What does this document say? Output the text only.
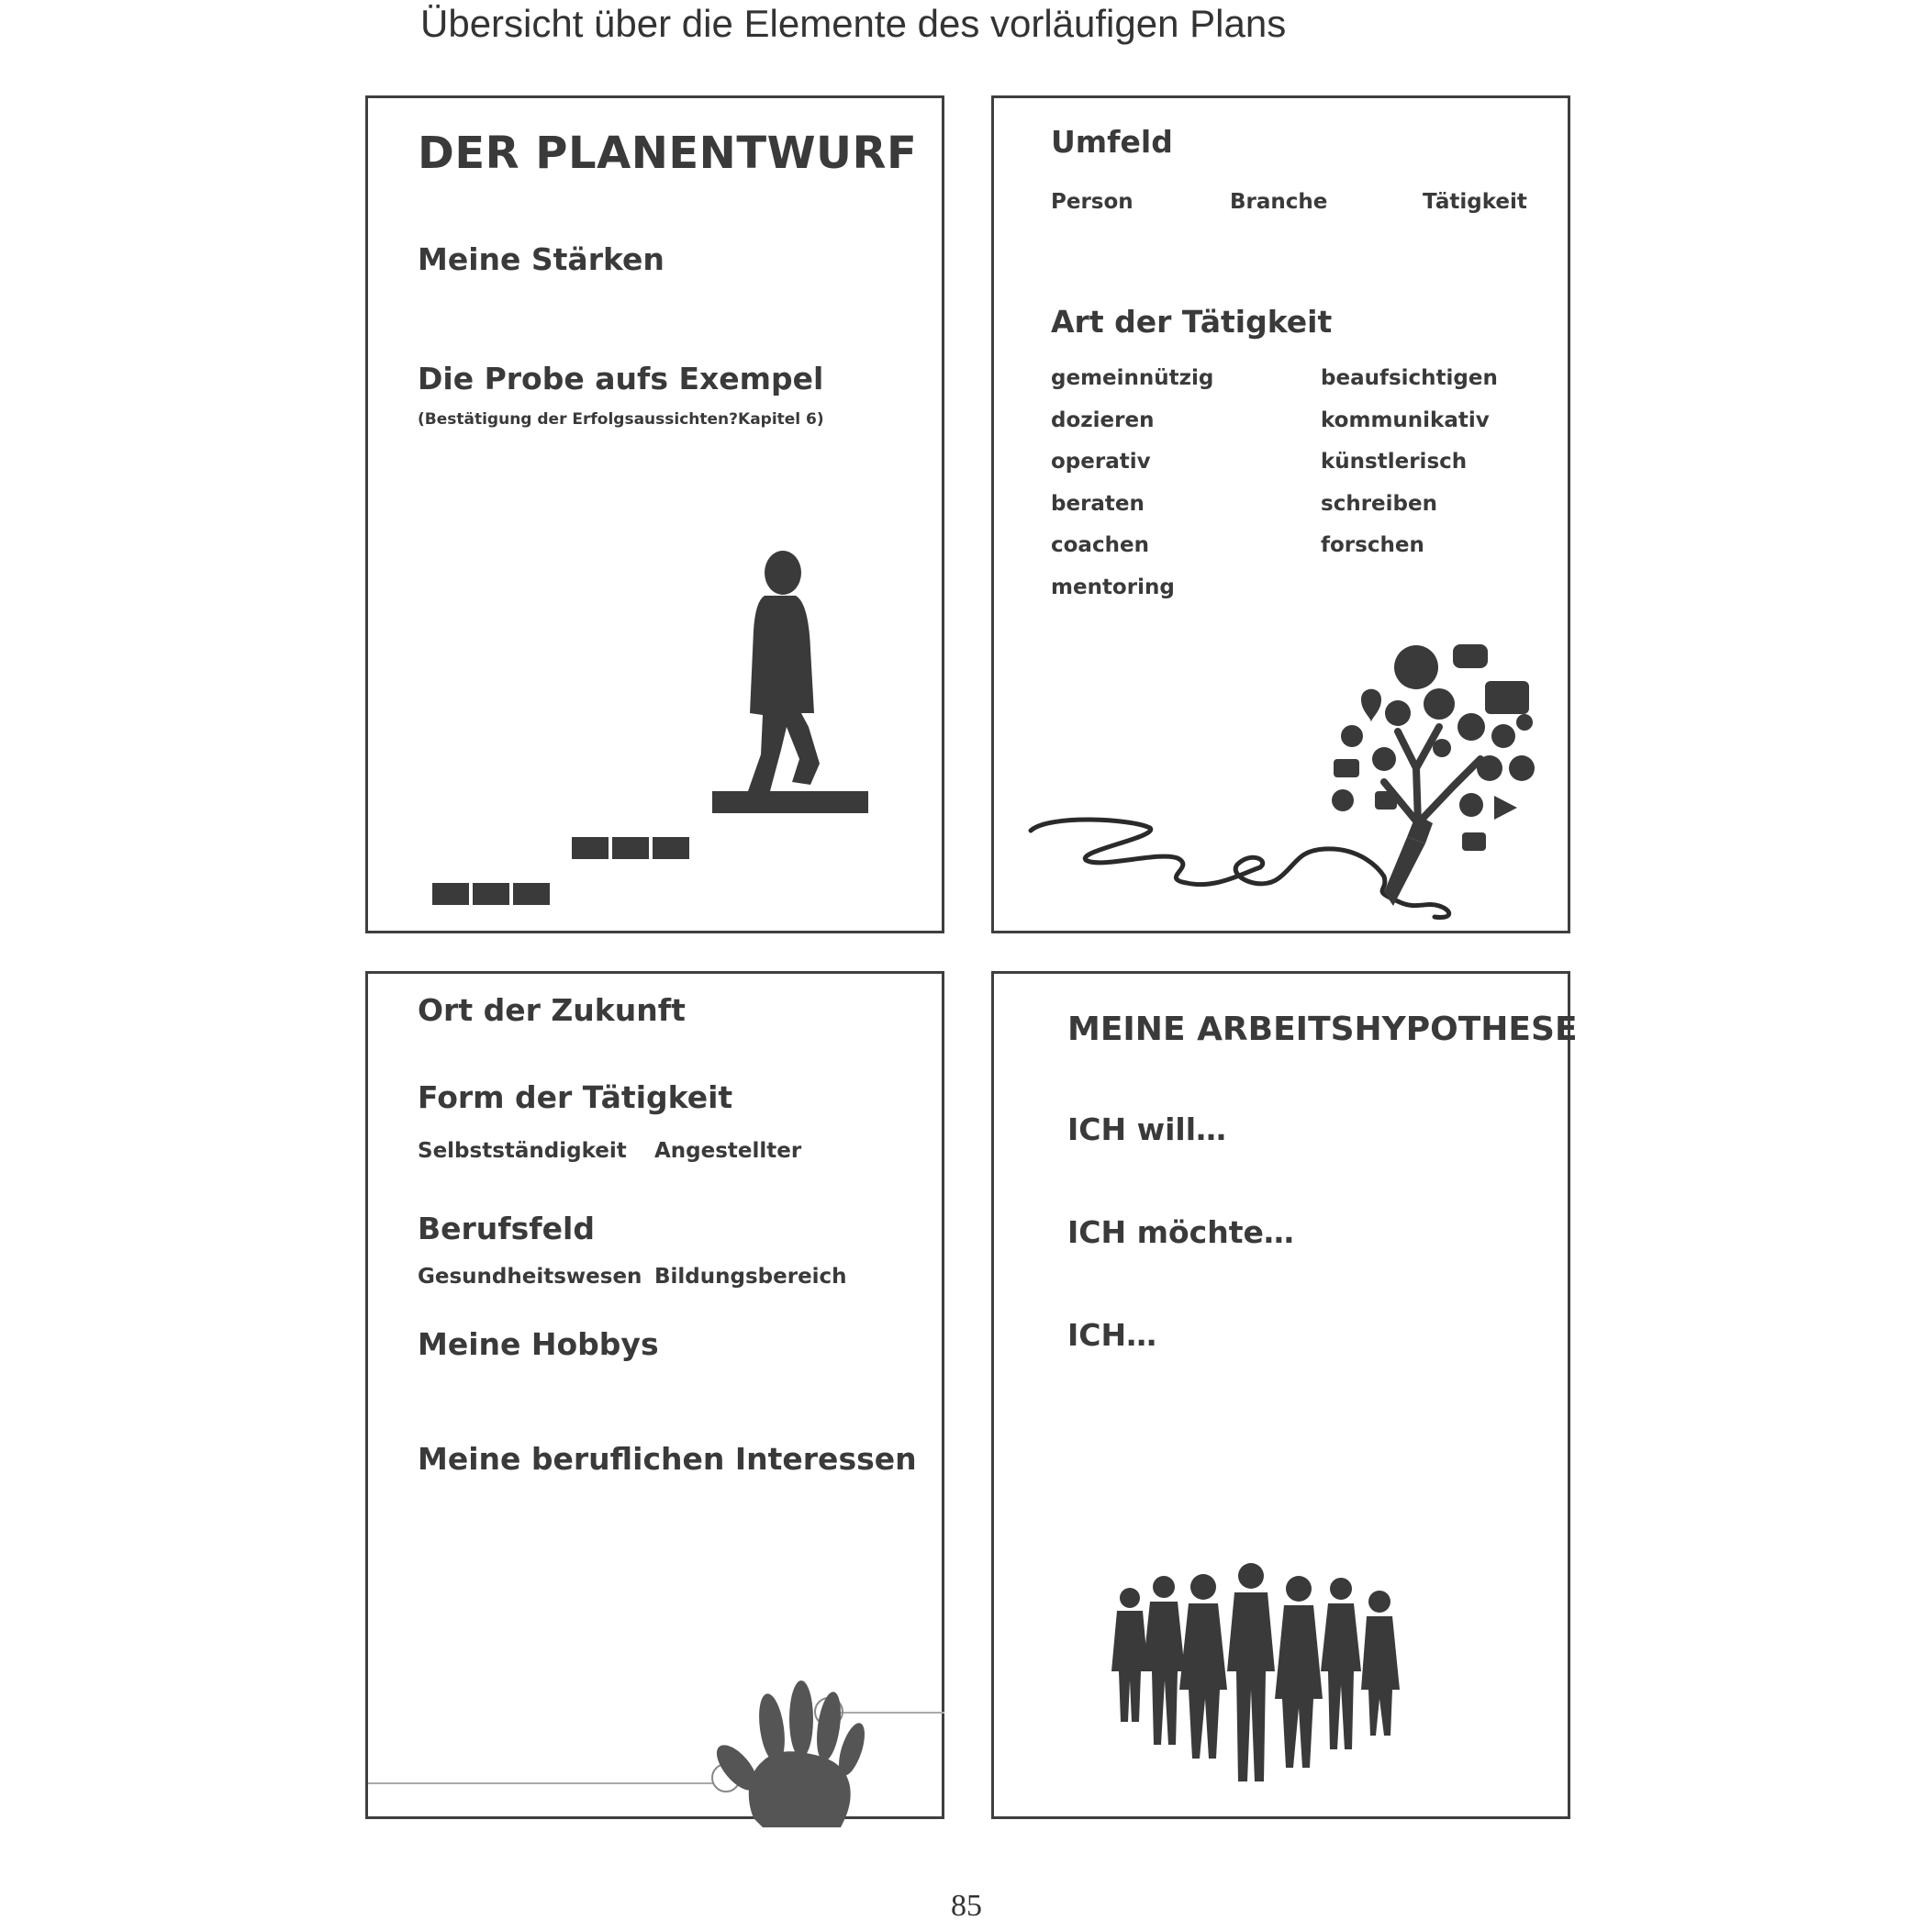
Übersicht über die Elemente des vorläufigen Plans
DER PLANENTWURF
Meine Stärken
Die Probe aufs Exempel
(Bestätigung der Erfolgsaussichten?Kapitel 6)
Umfeld
Person	Branche	Tätigkeit
Art der Tätigkeit
gemeinnützig
dozieren
operativ
beraten
coachen
mentoring
beaufsichtigen
kommunikativ
künstlerisch
schreiben
forschen
Ort der Zukunft
Form der Tätigkeit
Selbstständigkeit Angestellter
Berufsfeld
Gesundheitswesen Bildungsbereich
Meine Hobbys
Meine beruflichen Interessen
MEINE ARBEITSHYPOTHESE
ICH will…
ICH möchte…
ICH…
85
